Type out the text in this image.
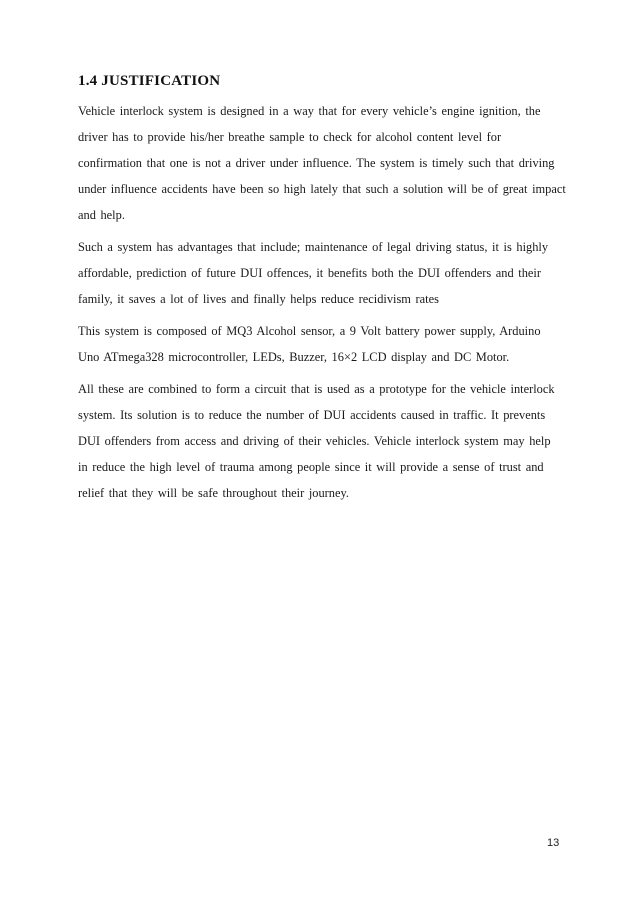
1.4 JUSTIFICATION

Vehicle interlock system is designed in a way that for every vehicle’s engine ignition, the
driver has to provide his/her breathe sample to check for alcohol content level for
confirmation that one is not a driver under influence. The system is timely such that driving
under influence accidents have been so high lately that such a solution will be of great impact
and help.

Such a system has advantages that include; maintenance of legal driving status, it is highly
affordable, prediction of future DUI offences, it benefits both the DUI offenders and their
family, it saves a lot of lives and finally helps reduce recidivism rates

This system is composed of MQ3 Alcohol sensor, a 9 Volt battery power supply, Arduino
Uno ATmega328 microcontroller, LEDs, Buzzer, 16×2 LCD display and DC Motor.

All these are combined to form a circuit that is used as a prototype for the vehicle interlock
system. Its solution is to reduce the number of DUI accidents caused in traffic. It prevents
DUI offenders from access and driving of their vehicles. Vehicle interlock system may help
in reduce the high level of trauma among people since it will provide a sense of trust and
relief that they will be safe throughout their journey.

13
